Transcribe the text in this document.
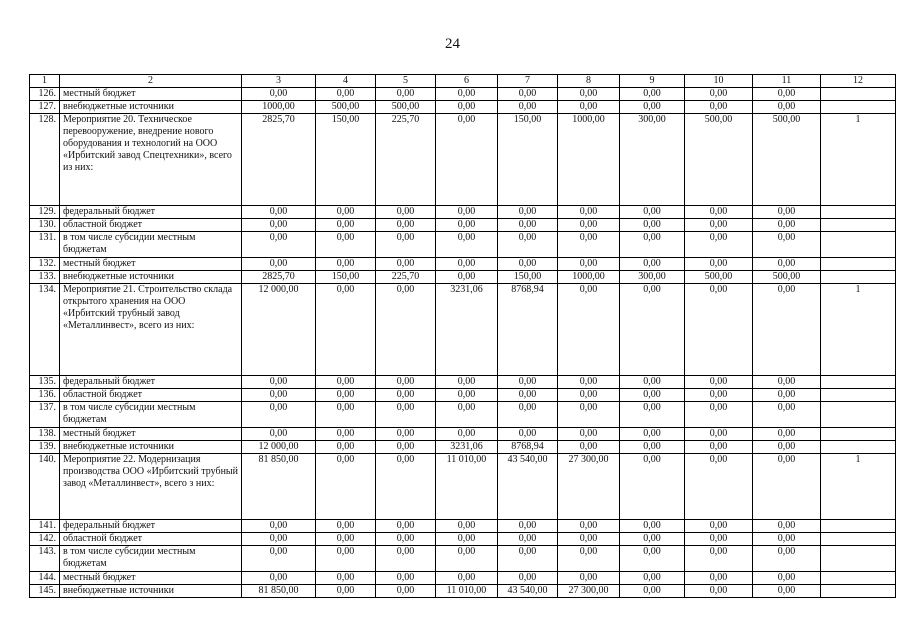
24
1	2	3	4	5	6	7	8	9	10	11	12
126.	местный бюджет	0,00	0,00	0,00	0,00	0,00	0,00	0,00	0,00	0,00	
127.	внебюджетные источники	1000,00	500,00	500,00	0,00	0,00	0,00	0,00	0,00	0,00	
128.	Мероприятие 20. Техническое перевооружение, внедрение нового оборудования и технологий на ООО «Ирбитский завод Спецтехники», всего из них:	2825,70	150,00	225,70	0,00	150,00	1000,00	300,00	500,00	500,00	1
129.	федеральный бюджет	0,00	0,00	0,00	0,00	0,00	0,00	0,00	0,00	0,00	
130.	областной бюджет	0,00	0,00	0,00	0,00	0,00	0,00	0,00	0,00	0,00	
131.	в том числе субсидии местным бюджетам	0,00	0,00	0,00	0,00	0,00	0,00	0,00	0,00	0,00	
132.	местный бюджет	0,00	0,00	0,00	0,00	0,00	0,00	0,00	0,00	0,00	
133.	внебюджетные источники	2825,70	150,00	225,70	0,00	150,00	1000,00	300,00	500,00	500,00	
134.	Мероприятие 21. Строительство склада открытого хранения на ООО «Ирбитский трубный завод «Металлинвест», всего из них:	12 000,00	0,00	0,00	3231,06	8768,94	0,00	0,00	0,00	0,00	1
135.	федеральный бюджет	0,00	0,00	0,00	0,00	0,00	0,00	0,00	0,00	0,00	
136.	областной бюджет	0,00	0,00	0,00	0,00	0,00	0,00	0,00	0,00	0,00	
137.	в том числе субсидии местным бюджетам	0,00	0,00	0,00	0,00	0,00	0,00	0,00	0,00	0,00	
138.	местный бюджет	0,00	0,00	0,00	0,00	0,00	0,00	0,00	0,00	0,00	
139.	внебюджетные источники	12 000,00	0,00	0,00	3231,06	8768,94	0,00	0,00	0,00	0,00	
140.	Мероприятие 22. Модернизация производства ООО «Ирбитский трубный завод «Металлинвест», всего з них:	81 850,00	0,00	0,00	11 010,00	43 540,00	27 300,00	0,00	0,00	0,00	1
141.	федеральный бюджет	0,00	0,00	0,00	0,00	0,00	0,00	0,00	0,00	0,00	
142.	областной бюджет	0,00	0,00	0,00	0,00	0,00	0,00	0,00	0,00	0,00	
143.	в том числе субсидии местным бюджетам	0,00	0,00	0,00	0,00	0,00	0,00	0,00	0,00	0,00	
144.	местный бюджет	0,00	0,00	0,00	0,00	0,00	0,00	0,00	0,00	0,00	
145.	внебюджетные источники	81 850,00	0,00	0,00	11 010,00	43 540,00	27 300,00	0,00	0,00	0,00	
